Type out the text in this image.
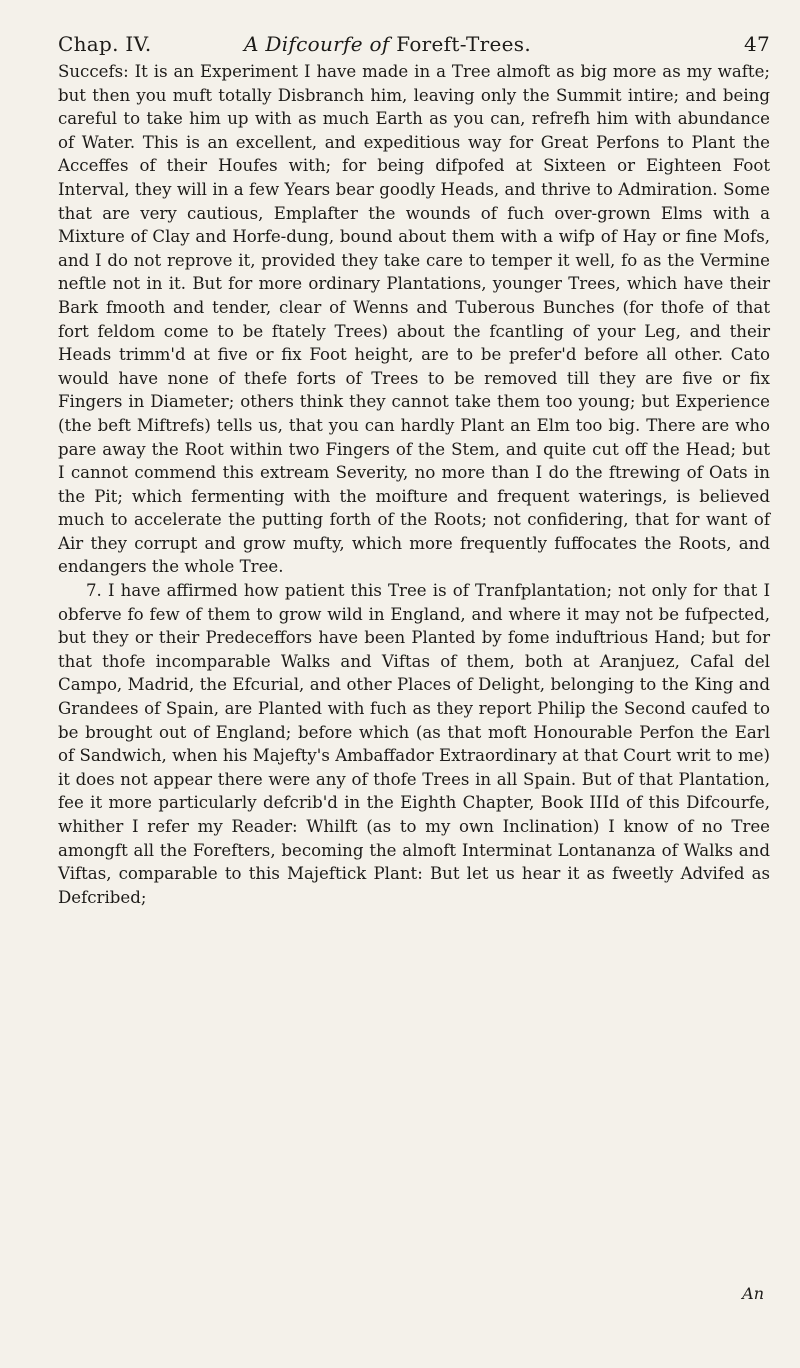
Chap. IV.	A Difcourfe of Foreft-Trees.	47

Succefs: It is an Experiment I have made in a Tree almoft as big more as my wafte; but then you muft totally Disbranch him, leaving only the Summit intire; and being careful to take him up with as much Earth as you can, refrefh him with abundance of Water. This is an excellent, and expeditious way for Great Perfons to Plant the Acceffes of their Houfes with; for being difpofed at Sixteen or Eighteen Foot Interval, they will in a few Years bear goodly Heads, and thrive to Admiration. Some that are very cautious, Emplafter the wounds of fuch over-grown Elms with a Mixture of Clay and Horfe-dung, bound about them with a wifp of Hay or fine Mofs, and I do not reprove it, provided they take care to temper it well, fo as the Vermine neftle not in it. But for more ordinary Plantations, younger Trees, which have their Bark fmooth and tender, clear of Wenns and Tuberous Bunches (for thofe of that fort feldom come to be ftately Trees) about the fcantling of your Leg, and their Heads trimm'd at five or fix Foot height, are to be prefer'd before all other. Cato would have none of thefe forts of Trees to be removed till they are five or fix Fingers in Diameter; others think they cannot take them too young; but Experience (the beft Miftrefs) tells us, that you can hardly Plant an Elm too big. There are who pare away the Root within two Fingers of the Stem, and quite cut off the Head; but I cannot commend this extream Severity, no more than I do the ftrewing of Oats in the Pit; which fermenting with the moifture and frequent waterings, is believed much to accelerate the putting forth of the Roots; not confidering, that for want of Air they corrupt and grow mufty, which more frequently fuffocates the Roots, and endangers the whole Tree.

7. I have affirmed how patient this Tree is of Tranfplantation; not only for that I obferve fo few of them to grow wild in England, and where it may not be fufpected, but they or their Predeceffors have been Planted by fome induftrious Hand; but for that thofe incomparable Walks and Viftas of them, both at Aranjuez, Cafal del Campo, Madrid, the Efcurial, and other Places of Delight, belonging to the King and Grandees of Spain, are Planted with fuch as they report Philip the Second caufed to be brought out of England; before which (as that moft Honourable Perfon the Earl of Sandwich, when his Majefty's Ambaffador Extraordinary at that Court writ to me) it does not appear there were any of thofe Trees in all Spain. But of that Plantation, fee it more particularly defcrib'd in the Eighth Chapter, Book IIId of this Difcourfe, whither I refer my Reader: Whilft (as to my own Inclination) I know of no Tree amongft all the Forefters, becoming the almoft Interminat Lontananza of Walks and Viftas, comparable to this Majeftick Plant: But let us hear it as fweetly Advifed as Defcribed;

An
